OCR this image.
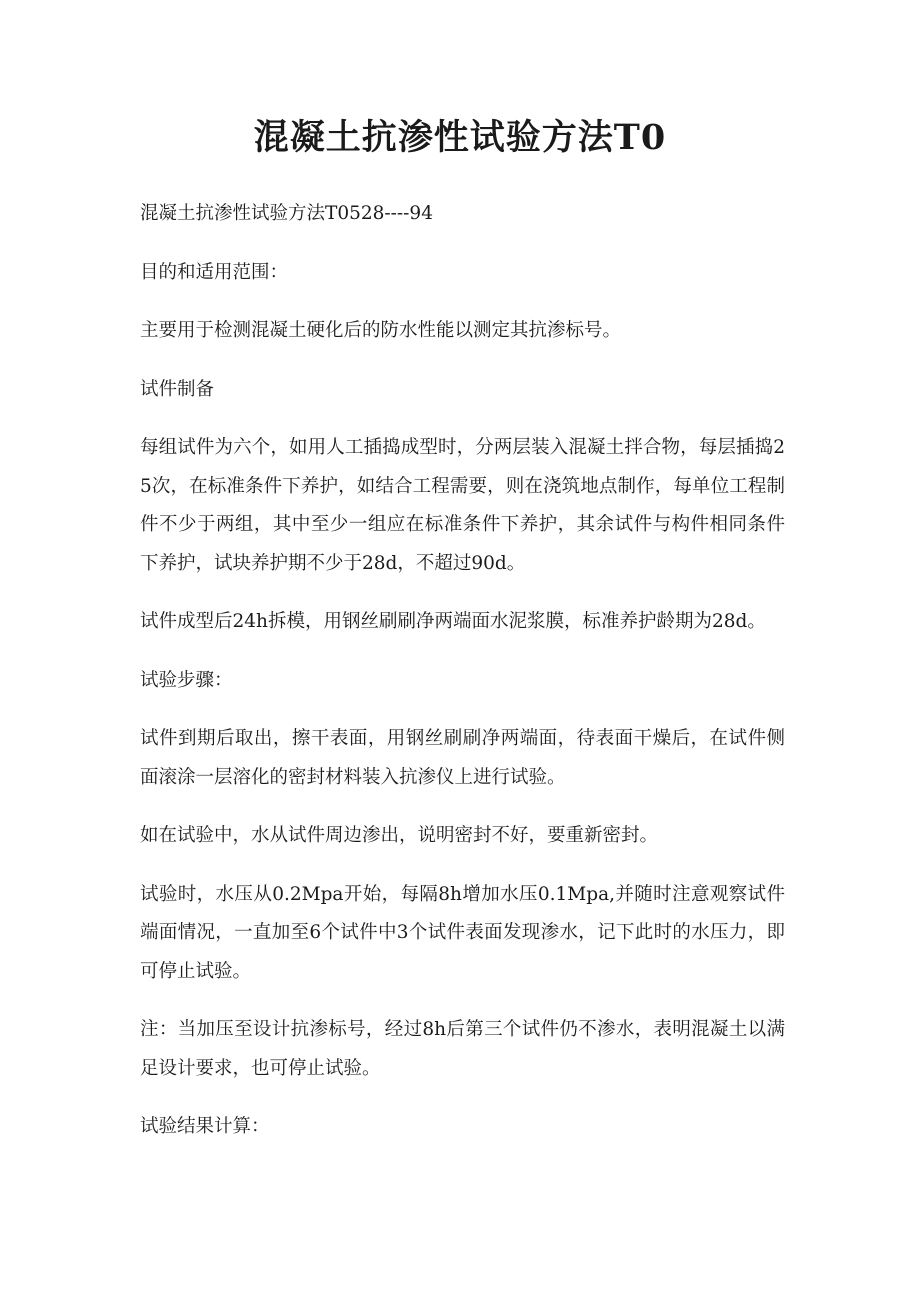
混凝土抗渗性试验方法T0

混凝土抗渗性试验方法T0528----94

目的和适用范围：

主要用于检测混凝土硬化后的防水性能以测定其抗渗标号。

试件制备

每组试件为六个，如用人工插捣成型时，分两层装入混凝土拌合物，每层插捣25次，在标准条件下养护，如结合工程需要，则在浇筑地点制作，每单位工程制件不少于两组，其中至少一组应在标准条件下养护，其余试件与构件相同条件下养护，试块养护期不少于28d，不超过90d。

试件成型后24h拆模，用钢丝刷刷净两端面水泥浆膜，标准养护龄期为28d。

试验步骤：

试件到期后取出，擦干表面，用钢丝刷刷净两端面，待表面干燥后，在试件侧面滚涂一层溶化的密封材料装入抗渗仪上进行试验。

如在试验中，水从试件周边渗出，说明密封不好，要重新密封。

试验时，水压从0.2Mpa开始，每隔8h增加水压0.1Mpa,并随时注意观察试件端面情况，一直加至6个试件中3个试件表面发现渗水，记下此时的水压力，即可停止试验。

注：当加压至设计抗渗标号，经过8h后第三个试件仍不渗水，表明混凝土以满足设计要求，也可停止试验。

试验结果计算：
